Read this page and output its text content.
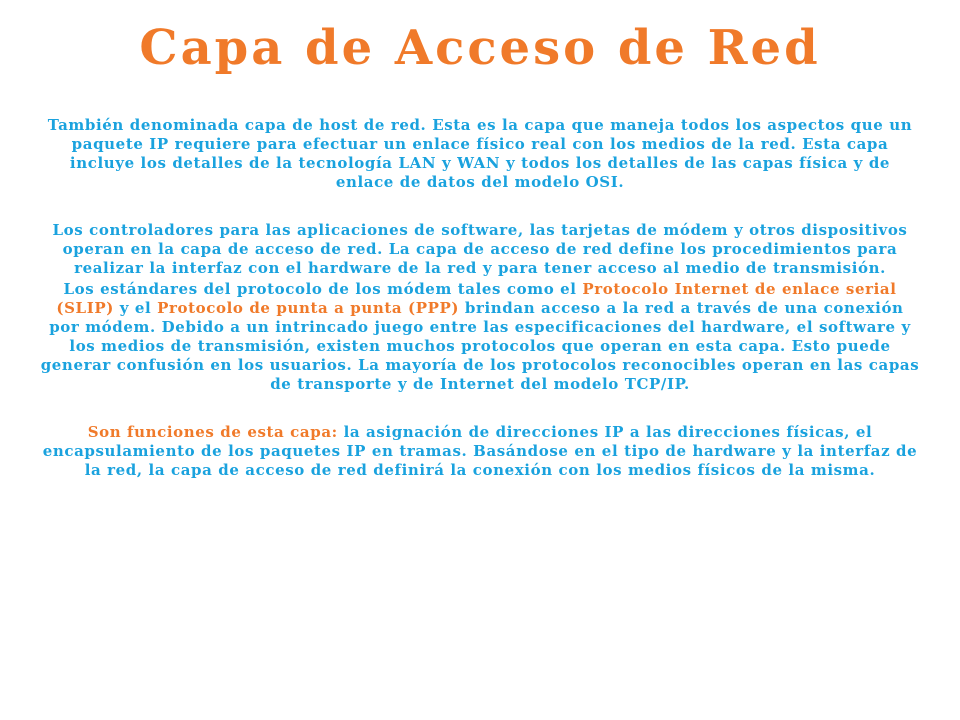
Capa de Acceso de Red

También denominada capa de host de red. Esta es la capa que maneja todos los aspectos que un paquete IP requiere para efectuar un enlace físico real con los medios de la red. Esta capa incluye los detalles de la tecnología LAN y WAN y todos los detalles de las capas física y de enlace de datos del modelo OSI.

Los controladores para las aplicaciones de software, las tarjetas de módem y otros dispositivos operan en la capa de acceso de red. La capa de acceso de red define los procedimientos para realizar la interfaz con el hardware de la red y para tener acceso al medio de transmisión.

Los estándares del protocolo de los módem tales como el Protocolo Internet de enlace serial (SLIP) y el Protocolo de punta a punta (PPP) brindan acceso a la red a través de una conexión por módem. Debido a un intrincado juego entre las especificaciones del hardware, el software y los medios de transmisión, existen muchos protocolos que operan en esta capa. Esto puede generar confusión en los usuarios. La mayoría de los protocolos reconocibles operan en las capas de transporte y de Internet del modelo TCP/IP.

Son funciones de esta capa: la asignación de direcciones IP a las direcciones físicas, el encapsulamiento de los paquetes IP en tramas. Basándose en el tipo de hardware y la interfaz de la red, la capa de acceso de red definirá la conexión con los medios físicos de la misma.
